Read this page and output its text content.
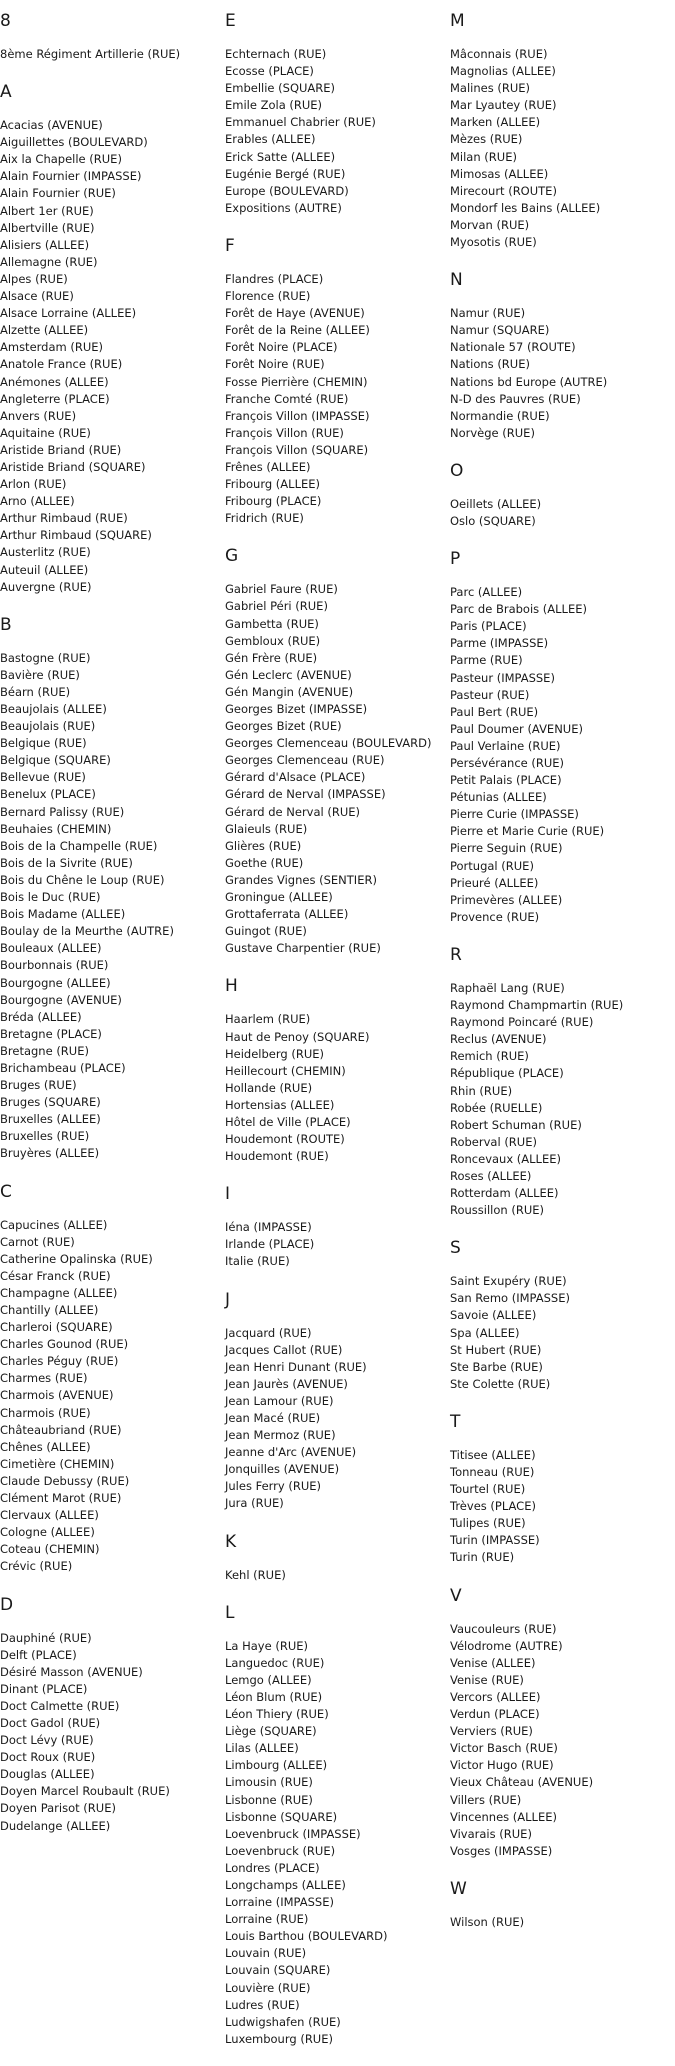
8
8ème Régiment Artillerie (RUE)
A
Acacias (AVENUE)
Aiguillettes (BOULEVARD)
Aix la Chapelle (RUE)
Alain Fournier (IMPASSE)
Alain Fournier (RUE)
Albert 1er (RUE)
Albertville (RUE)
Alisiers (ALLEE)
Allemagne (RUE)
Alpes (RUE)
Alsace (RUE)
Alsace Lorraine (ALLEE)
Alzette (ALLEE)
Amsterdam (RUE)
Anatole France (RUE)
Anémones (ALLEE)
Angleterre (PLACE)
Anvers (RUE)
Aquitaine (RUE)
Aristide Briand (RUE)
Aristide Briand (SQUARE)
Arlon (RUE)
Arno (ALLEE)
Arthur Rimbaud (RUE)
Arthur Rimbaud (SQUARE)
Austerlitz (RUE)
Auteuil (ALLEE)
Auvergne (RUE)
B
Bastogne (RUE)
Bavière (RUE)
Béarn (RUE)
Beaujolais (ALLEE)
Beaujolais (RUE)
Belgique (RUE)
Belgique (SQUARE)
Bellevue (RUE)
Benelux (PLACE)
Bernard Palissy (RUE)
Beuhaies (CHEMIN)
Bois de la Champelle (RUE)
Bois de la Sivrite (RUE)
Bois du Chêne le Loup (RUE)
Bois le Duc (RUE)
Bois Madame (ALLEE)
Boulay de la Meurthe (AUTRE)
Bouleaux (ALLEE)
Bourbonnais (RUE)
Bourgogne (ALLEE)
Bourgogne (AVENUE)
Bréda (ALLEE)
Bretagne (PLACE)
Bretagne (RUE)
Brichambeau (PLACE)
Bruges (RUE)
Bruges (SQUARE)
Bruxelles (ALLEE)
Bruxelles (RUE)
Bruyères (ALLEE)
C
Capucines (ALLEE)
Carnot (RUE)
Catherine Opalinska (RUE)
César Franck (RUE)
Champagne (ALLEE)
Chantilly (ALLEE)
Charleroi (SQUARE)
Charles Gounod (RUE)
Charles Péguy (RUE)
Charmes (RUE)
Charmois (AVENUE)
Charmois (RUE)
Châteaubriand (RUE)
Chênes (ALLEE)
Cimetière (CHEMIN)
Claude Debussy (RUE)
Clément Marot (RUE)
Clervaux (ALLEE)
Cologne (ALLEE)
Coteau (CHEMIN)
Crévic (RUE)
D
Dauphiné (RUE)
Delft (PLACE)
Désiré Masson (AVENUE)
Dinant (PLACE)
Doct Calmette (RUE)
Doct Gadol (RUE)
Doct Lévy (RUE)
Doct Roux (RUE)
Douglas (ALLEE)
Doyen Marcel Roubault (RUE)
Doyen Parisot (RUE)
Dudelange (ALLEE)
E
Echternach (RUE)
Ecosse (PLACE)
Embellie (SQUARE)
Emile Zola (RUE)
Emmanuel Chabrier (RUE)
Erables (ALLEE)
Erick Satte (ALLEE)
Eugénie Bergé (RUE)
Europe (BOULEVARD)
Expositions (AUTRE)
F
Flandres (PLACE)
Florence (RUE)
Forêt de Haye (AVENUE)
Forêt de la Reine (ALLEE)
Forêt Noire (PLACE)
Forêt Noire (RUE)
Fosse Pierrière (CHEMIN)
Franche Comté (RUE)
François Villon (IMPASSE)
François Villon (RUE)
François Villon (SQUARE)
Frênes (ALLEE)
Fribourg (ALLEE)
Fribourg (PLACE)
Fridrich (RUE)
G
Gabriel Faure (RUE)
Gabriel Péri (RUE)
Gambetta (RUE)
Gembloux (RUE)
Gén Frère (RUE)
Gén Leclerc (AVENUE)
Gén Mangin (AVENUE)
Georges Bizet (IMPASSE)
Georges Bizet (RUE)
Georges Clemenceau (BOULEVARD)
Georges Clemenceau (RUE)
Gérard d'Alsace (PLACE)
Gérard de Nerval (IMPASSE)
Gérard de Nerval (RUE)
Glaieuls (RUE)
Glières (RUE)
Goethe (RUE)
Grandes Vignes (SENTIER)
Groningue (ALLEE)
Grottaferrata (ALLEE)
Guingot (RUE)
Gustave Charpentier (RUE)
H
Haarlem (RUE)
Haut de Penoy (SQUARE)
Heidelberg (RUE)
Heillecourt (CHEMIN)
Hollande (RUE)
Hortensias (ALLEE)
Hôtel de Ville (PLACE)
Houdemont (ROUTE)
Houdemont (RUE)
I
Iéna (IMPASSE)
Irlande (PLACE)
Italie (RUE)
J
Jacquard (RUE)
Jacques Callot (RUE)
Jean Henri Dunant (RUE)
Jean Jaurès (AVENUE)
Jean Lamour (RUE)
Jean Macé (RUE)
Jean Mermoz (RUE)
Jeanne d'Arc (AVENUE)
Jonquilles (AVENUE)
Jules Ferry (RUE)
Jura (RUE)
K
Kehl (RUE)
L
La Haye (RUE)
Languedoc (RUE)
Lemgo (ALLEE)
Léon Blum (RUE)
Léon Thiery (RUE)
Liège (SQUARE)
Lilas (ALLEE)
Limbourg (ALLEE)
Limousin (RUE)
Lisbonne (RUE)
Lisbonne (SQUARE)
Loevenbruck (IMPASSE)
Loevenbruck (RUE)
Londres (PLACE)
Longchamps (ALLEE)
Lorraine (IMPASSE)
Lorraine (RUE)
Louis Barthou (BOULEVARD)
Louvain (RUE)
Louvain (SQUARE)
Louvière (RUE)
Ludres (RUE)
Ludwigshafen (RUE)
Luxembourg (RUE)
M
Mâconnais (RUE)
Magnolias (ALLEE)
Malines (RUE)
Mar Lyautey (RUE)
Marken (ALLEE)
Mèzes (RUE)
Milan (RUE)
Mimosas (ALLEE)
Mirecourt (ROUTE)
Mondorf les Bains (ALLEE)
Morvan (RUE)
Myosotis (RUE)
N
Namur (RUE)
Namur (SQUARE)
Nationale 57 (ROUTE)
Nations (RUE)
Nations bd Europe (AUTRE)
N-D des Pauvres (RUE)
Normandie (RUE)
Norvège (RUE)
O
Oeillets (ALLEE)
Oslo (SQUARE)
P
Parc (ALLEE)
Parc de Brabois (ALLEE)
Paris (PLACE)
Parme (IMPASSE)
Parme (RUE)
Pasteur (IMPASSE)
Pasteur (RUE)
Paul Bert (RUE)
Paul Doumer (AVENUE)
Paul Verlaine (RUE)
Persévérance (RUE)
Petit Palais (PLACE)
Pétunias (ALLEE)
Pierre Curie (IMPASSE)
Pierre et Marie Curie (RUE)
Pierre Seguin (RUE)
Portugal (RUE)
Prieuré (ALLEE)
Primevères (ALLEE)
Provence (RUE)
R
Raphaël Lang (RUE)
Raymond Champmartin (RUE)
Raymond Poincaré (RUE)
Reclus (AVENUE)
Remich (RUE)
République (PLACE)
Rhin (RUE)
Robée (RUELLE)
Robert Schuman (RUE)
Roberval (RUE)
Roncevaux (ALLEE)
Roses (ALLEE)
Rotterdam (ALLEE)
Roussillon (RUE)
S
Saint Exupéry (RUE)
San Remo (IMPASSE)
Savoie (ALLEE)
Spa (ALLEE)
St Hubert (RUE)
Ste Barbe (RUE)
Ste Colette (RUE)
T
Titisee (ALLEE)
Tonneau (RUE)
Tourtel (RUE)
Trèves (PLACE)
Tulipes (RUE)
Turin (IMPASSE)
Turin (RUE)
V
Vaucouleurs (RUE)
Vélodrome (AUTRE)
Venise (ALLEE)
Venise (RUE)
Vercors (ALLEE)
Verdun (PLACE)
Verviers (RUE)
Victor Basch (RUE)
Victor Hugo (RUE)
Vieux Château (AVENUE)
Villers (RUE)
Vincennes (ALLEE)
Vivarais (RUE)
Vosges (IMPASSE)
W
Wilson (RUE)
